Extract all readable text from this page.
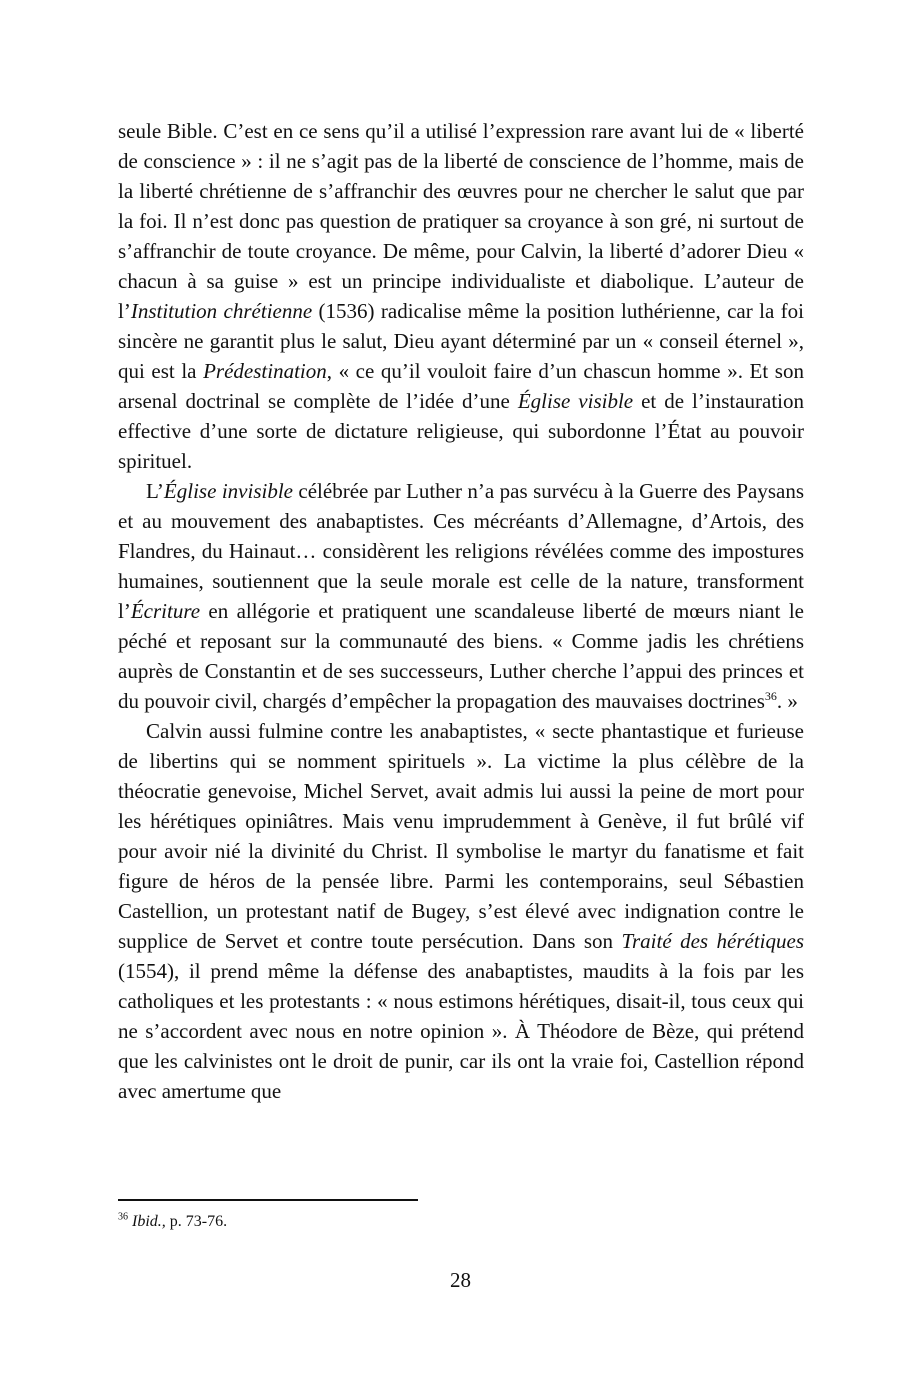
seule Bible. C’est en ce sens qu’il a utilisé l’expression rare avant lui de « liberté de conscience » : il ne s’agit pas de la liberté de conscience de l’homme, mais de la liberté chrétienne de s’affranchir des œuvres pour ne chercher le salut que par la foi. Il n’est donc pas question de pratiquer sa croyance à son gré, ni surtout de s’affranchir de toute croyance. De même, pour Calvin, la liberté d’adorer Dieu « chacun à sa guise » est un principe individualiste et diabolique. L’auteur de l’Institution chrétienne (1536) radicalise même la position luthérienne, car la foi sincère ne garantit plus le salut, Dieu ayant déterminé par un « conseil éternel », qui est la Prédestination, « ce qu’il vouloit faire d’un chascun homme ». Et son arsenal doctrinal se complète de l’idée d’une Église visible et de l’instauration effective d’une sorte de dictature religieuse, qui subordonne l’État au pouvoir spirituel.

L’Église invisible célébrée par Luther n’a pas survécu à la Guerre des Paysans et au mouvement des anabaptistes. Ces mécréants d’Allemagne, d’Artois, des Flandres, du Hainaut… considèrent les religions révélées comme des impostures humaines, soutiennent que la seule morale est celle de la nature, transforment l’Écriture en allégorie et pratiquent une scandaleuse liberté de mœurs niant le péché et reposant sur la communauté des biens. « Comme jadis les chrétiens auprès de Constantin et de ses successeurs, Luther cherche l’appui des princes et du pouvoir civil, chargés d’empêcher la propagation des mauvaises doctrines$^{36}$. »

Calvin aussi fulmine contre les anabaptistes, « secte phantastique et furieuse de libertins qui se nomment spirituels ». La victime la plus célèbre de la théocratie genevoise, Michel Servet, avait admis lui aussi la peine de mort pour les hérétiques opiniâtres. Mais venu imprudemment à Genève, il fut brûlé vif pour avoir nié la divinité du Christ. Il symbolise le martyr du fanatisme et fait figure de héros de la pensée libre. Parmi les contemporains, seul Sébastien Castellion, un protestant natif de Bugey, s’est élevé avec indignation contre le supplice de Servet et contre toute persécution. Dans son Traité des hérétiques (1554), il prend même la défense des anabaptistes, maudits à la fois par les catholiques et les protestants : « nous estimons hérétiques, disait-il, tous ceux qui ne s’accordent avec nous en notre opinion ». À Théodore de Bèze, qui prétend que les calvinistes ont le droit de punir, car ils ont la vraie foi, Castellion répond avec amertume que

$^{36}$ Ibid., p. 73-76.
28
